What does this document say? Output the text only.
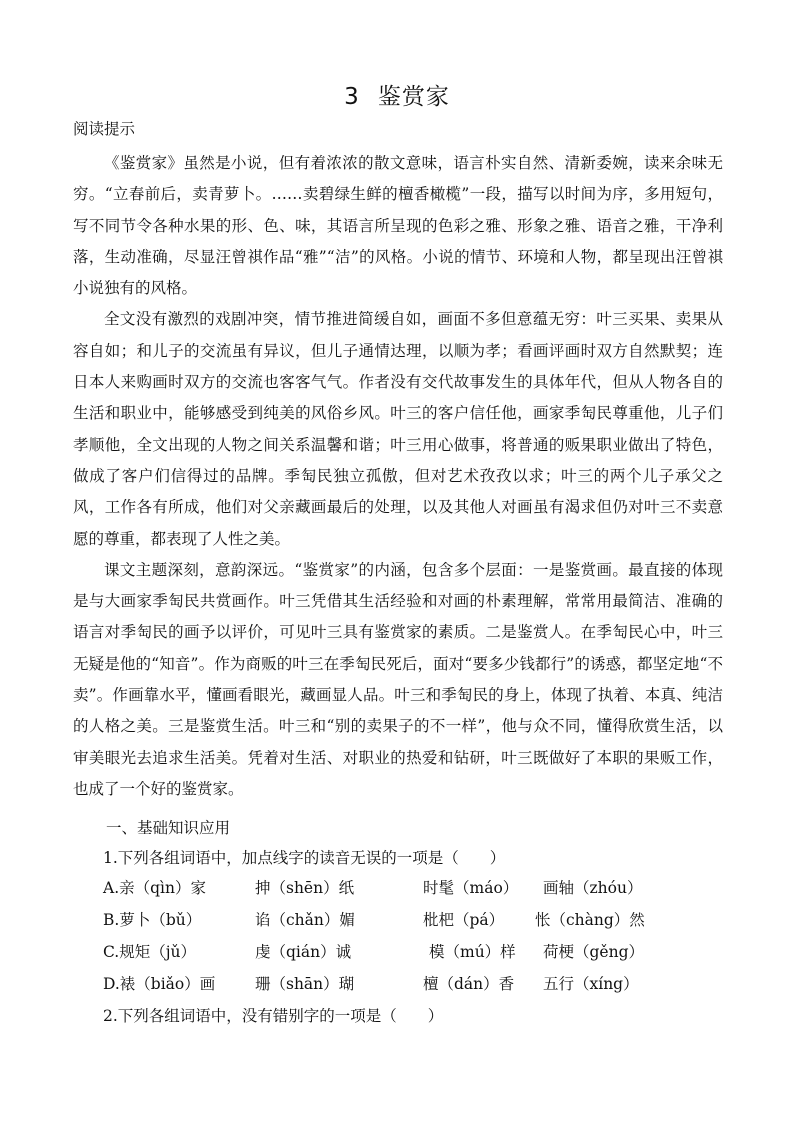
3 鉴赏家

阅读提示

《鉴赏家》虽然是小说，但有着浓浓的散文意味，语言朴实自然、清新委婉，读来余味无穷。“立春前后，卖青萝卜。……卖碧绿生鲜的檀香橄榄”一段，描写以时间为序，多用短句，写不同节令各种水果的形、色、味，其语言所呈现的色彩之雅、形象之雅、语音之雅，干净利落，生动准确，尽显汪曾祺作品“雅”“洁”的风格。小说的情节、环境和人物，都呈现出汪曾祺小说独有的风格。

全文没有激烈的戏剧冲突，情节推进简缓自如，画面不多但意蕴无穷：叶三买果、卖果从容自如；和儿子的交流虽有异议，但儿子通情达理，以顺为孝；看画评画时双方自然默契；连日本人来购画时双方的交流也客客气气。作者没有交代故事发生的具体年代，但从人物各自的生活和职业中，能够感受到纯美的风俗乡风。叶三的客户信任他，画家季匋民尊重他，儿子们孝顺他，全文出现的人物之间关系温馨和谐；叶三用心做事，将普通的贩果职业做出了特色，做成了客户们信得过的品牌。季匋民独立孤傲，但对艺术孜孜以求；叶三的两个儿子承父之风，工作各有所成，他们对父亲藏画最后的处理，以及其他人对画虽有渴求但仍对叶三不卖意愿的尊重，都表现了人性之美。

课文主题深刻，意韵深远。“鉴赏家”的内涵，包含多个层面：一是鉴赏画。最直接的体现是与大画家季匋民共赏画作。叶三凭借其生活经验和对画的朴素理解，常常用最简洁、准确的语言对季匋民的画予以评价，可见叶三具有鉴赏家的素质。二是鉴赏人。在季匋民心中，叶三无疑是他的“知音”。作为商贩的叶三在季匋民死后，面对“要多少钱都行”的诱惑，都坚定地“不卖”。作画靠水平，懂画看眼光，藏画显人品。叶三和季匋民的身上，体现了执着、本真、纯洁的人格之美。三是鉴赏生活。叶三和“别的卖果子的不一样”，他与众不同，懂得欣赏生活，以审美眼光去追求生活美。凭着对生活、对职业的热爱和钻研，叶三既做好了本职的果贩工作，也成了一个好的鉴赏家。

一、基础知识应用

1.下列各组词语中，加点线字的读音无误的一项是（　　）
A.亲（qìn）家	抻（shēn）纸	时髦（máo） 画轴（zhóu）
B.萝卜（bǔ）	谄（chǎn）媚	枇杷（pá） 怅（chàng）然
C.规矩（jǔ）	虔（qián）诚	模（mú）样 荷梗（gěng）
D.裱（biǎo）画	珊（shān）瑚	檀（dán）香 五行（xíng）
2.下列各组词语中，没有错别字的一项是（　　）
